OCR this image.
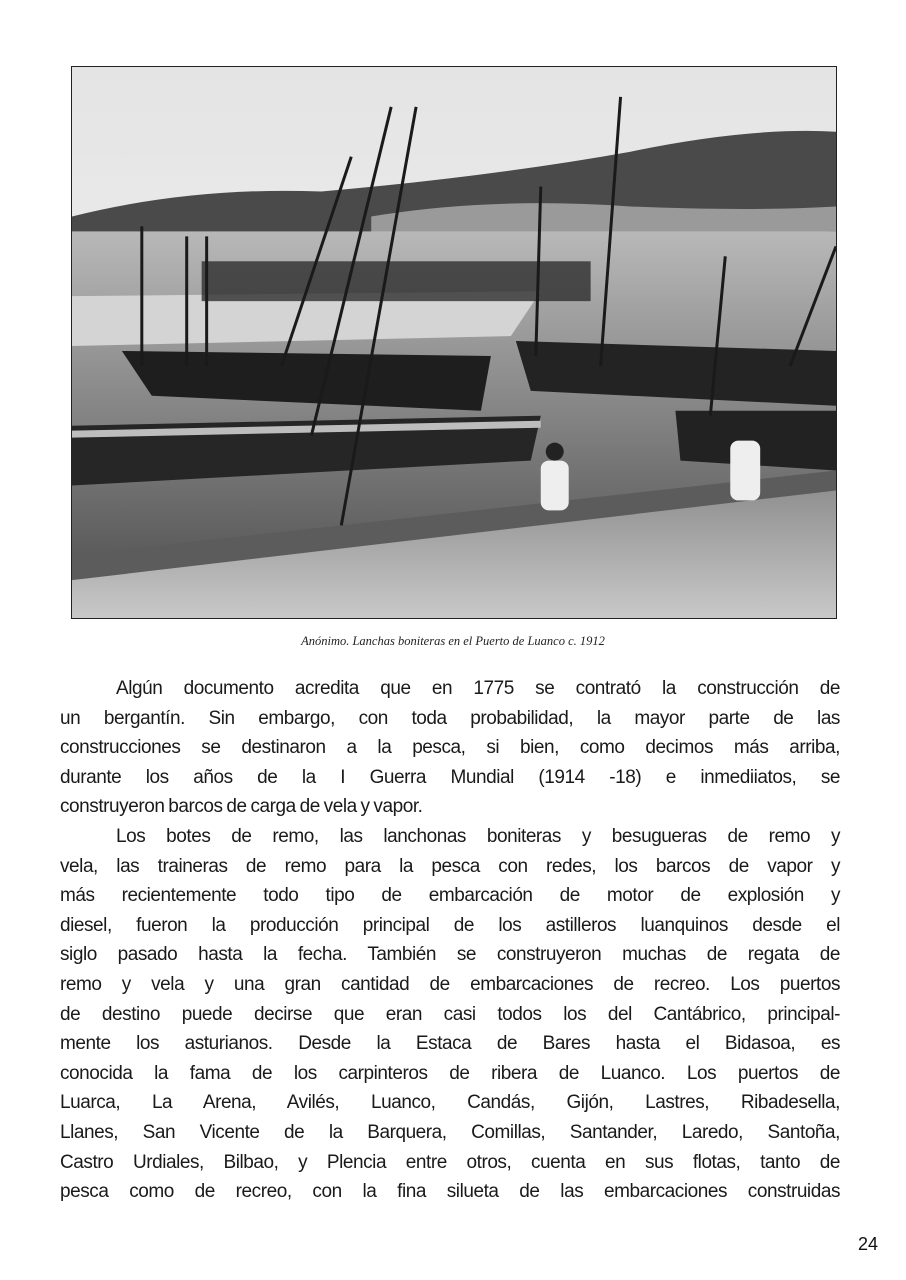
Anónimo. Lanchas boniteras en el Puerto de Luanco c. 1912
Algún documento acredita que en 1775 se contrató la construcción de
un bergantín. Sin embargo, con toda probabilidad, la mayor parte de las
construcciones se destinaron a la pesca, si bien, como decimos más arriba,
durante los años de la I Guerra Mundial (1914 -18) e inmediiatos, se
construyeron barcos de carga de vela y vapor.
Los botes de remo, las lanchonas boniteras y besugueras de remo y
vela, las traineras de remo para la pesca con redes, los barcos de vapor y
más recientemente todo tipo de embarcación de motor de explosión y
diesel, fueron la producción principal de los astilleros luanquinos desde el
siglo pasado hasta la fecha. También se construyeron muchas de regata de
remo y vela y una gran cantidad de embarcaciones de recreo. Los puertos
de destino puede decirse que eran casi todos los del Cantábrico, principal-
mente los asturianos. Desde la Estaca de Bares hasta el Bidasoa, es
conocida la fama de los carpinteros de ribera de Luanco. Los puertos de
Luarca, La Arena, Avilés, Luanco, Candás, Gijón, Lastres, Ribadesella,
Llanes, San Vicente de la Barquera, Comillas, Santander, Laredo, Santoña,
Castro Urdiales, Bilbao, y Plencia entre otros, cuenta en sus flotas, tanto de
pesca como de recreo, con la fina silueta de las embarcaciones construidas
24
